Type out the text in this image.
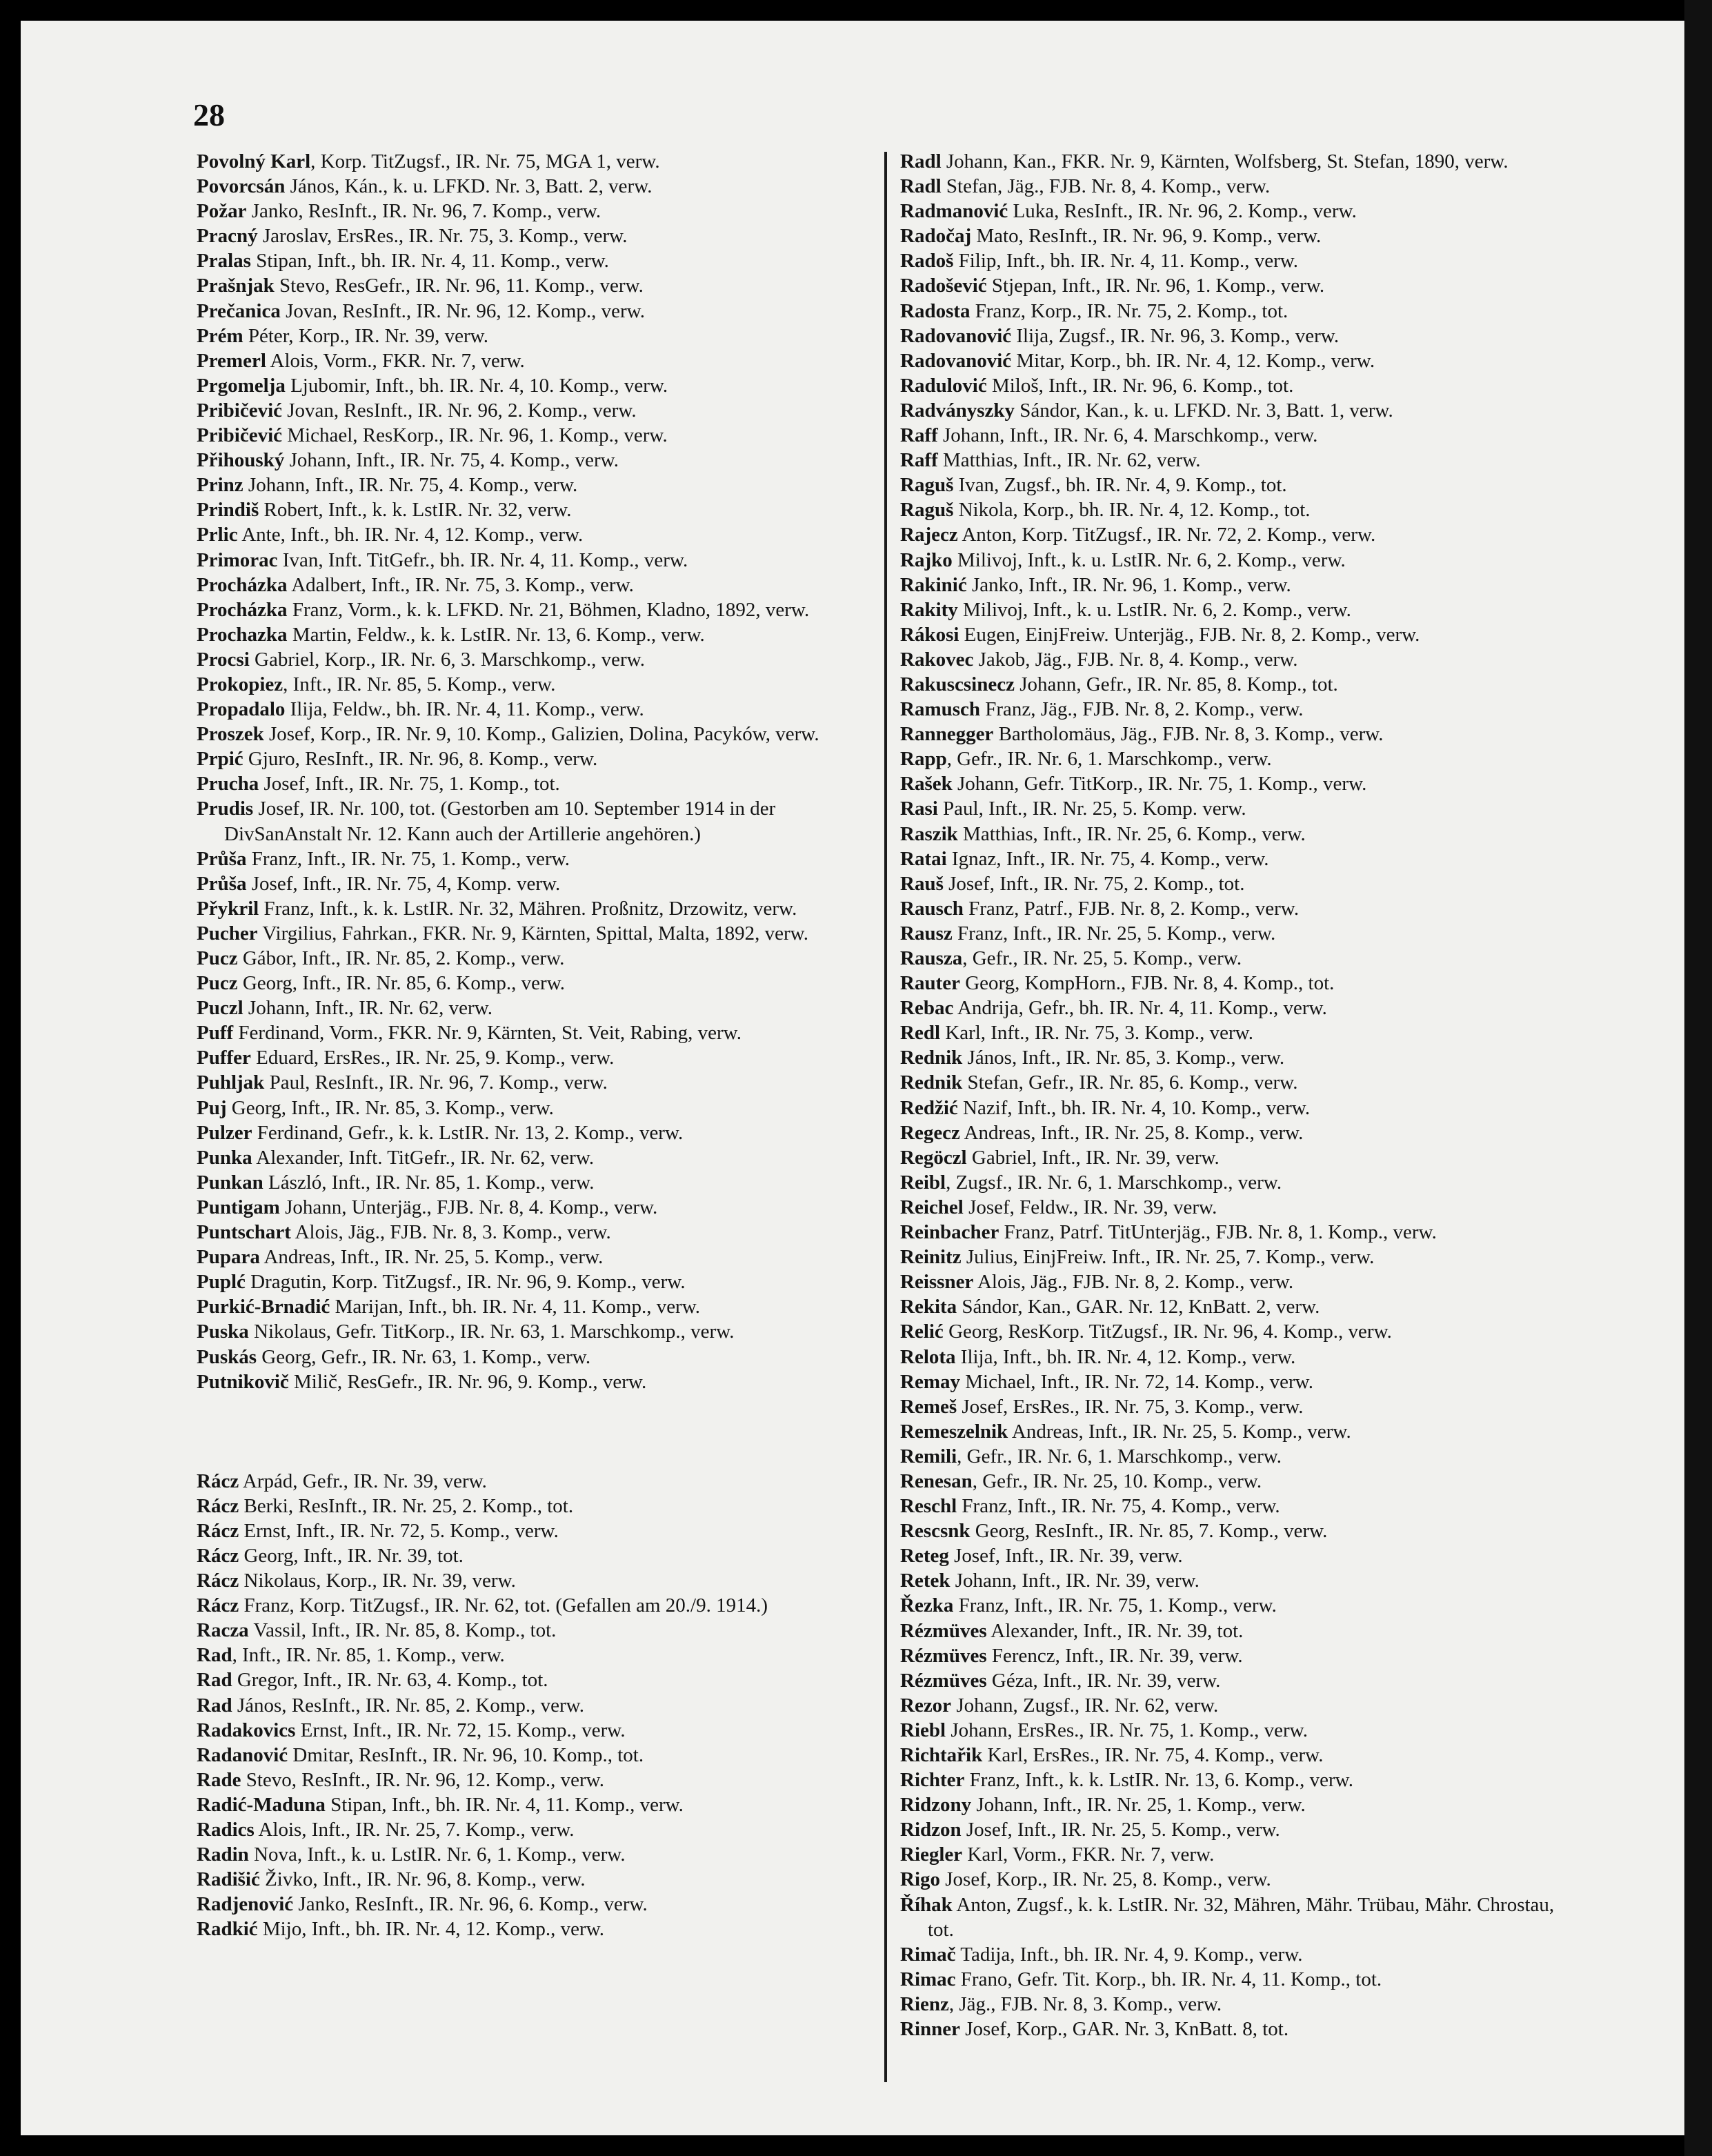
28
Povolný Karl, Korp. TitZugsf., IR. Nr. 75, MGA 1, verw.
Povorcsán János, Kán., k. u. LFKD. Nr. 3, Batt. 2, verw.
Požar Janko, ResInft., IR. Nr. 96, 7. Komp., verw.
Pracný Jaroslav, ErsRes., IR. Nr. 75, 3. Komp., verw.
Pralas Stipan, Inft., bh. IR. Nr. 4, 11. Komp., verw.
Prašnjak Stevo, ResGefr., IR. Nr. 96, 11. Komp., verw.
Prečanica Jovan, ResInft., IR. Nr. 96, 12. Komp., verw.
Prém Péter, Korp., IR. Nr. 39, verw.
Premerl Alois, Vorm., FKR. Nr. 7, verw.
Prgomelja Ljubomir, Inft., bh. IR. Nr. 4, 10. Komp., verw.
Pribičević Jovan, ResInft., IR. Nr. 96, 2. Komp., verw.
Pribičević Michael, ResKorp., IR. Nr. 96, 1. Komp., verw.
Přihouský Johann, Inft., IR. Nr. 75, 4. Komp., verw.
Prinz Johann, Inft., IR. Nr. 75, 4. Komp., verw.
Prindiš Robert, Inft., k. k. LstIR. Nr. 32, verw.
Prlic Ante, Inft., bh. IR. Nr. 4, 12. Komp., verw.
Primorac Ivan, Inft. TitGefr., bh. IR. Nr. 4, 11. Komp., verw.
Procházka Adalbert, Inft., IR. Nr. 75, 3. Komp., verw.
Procházka Franz, Vorm., k. k. LFKD. Nr. 21, Böhmen, Kladno, 1892, verw.
Prochazka Martin, Feldw., k. k. LstIR. Nr. 13, 6. Komp., verw.
Procsi Gabriel, Korp., IR. Nr. 6, 3. Marschkomp., verw.
Prokopiez, Inft., IR. Nr. 85, 5. Komp., verw.
Propadalo Ilija, Feldw., bh. IR. Nr. 4, 11. Komp., verw.
Proszek Josef, Korp., IR. Nr. 9, 10. Komp., Galizien, Dolina, Pacyków, verw.
Prpić Gjuro, ResInft., IR. Nr. 96, 8. Komp., verw.
Prucha Josef, Inft., IR. Nr. 75, 1. Komp., tot.
Prudis Josef, IR. Nr. 100, tot. (Gestorben am 10. September 1914 in der DivSanAnstalt Nr. 12. Kann auch der Artillerie angehören.)
Průša Franz, Inft., IR. Nr. 75, 1. Komp., verw.
Průša Josef, Inft., IR. Nr. 75, 4, Komp. verw.
Přykril Franz, Inft., k. k. LstIR. Nr. 32, Mähren. Proßnitz, Drzowitz, verw.
Pucher Virgilius, Fahrkan., FKR. Nr. 9, Kärnten, Spittal, Malta, 1892, verw.
Pucz Gábor, Inft., IR. Nr. 85, 2. Komp., verw.
Pucz Georg, Inft., IR. Nr. 85, 6. Komp., verw.
Puczl Johann, Inft., IR. Nr. 62, verw.
Puff Ferdinand, Vorm., FKR. Nr. 9, Kärnten, St. Veit, Rabing, verw.
Puffer Eduard, ErsRes., IR. Nr. 25, 9. Komp., verw.
Puhljak Paul, ResInft., IR. Nr. 96, 7. Komp., verw.
Puj Georg, Inft., IR. Nr. 85, 3. Komp., verw.
Pulzer Ferdinand, Gefr., k. k. LstIR. Nr. 13, 2. Komp., verw.
Punka Alexander, Inft. TitGefr., IR. Nr. 62, verw.
Punkan László, Inft., IR. Nr. 85, 1. Komp., verw.
Puntigam Johann, Unterjäg., FJB. Nr. 8, 4. Komp., verw.
Puntschart Alois, Jäg., FJB. Nr. 8, 3. Komp., verw.
Pupara Andreas, Inft., IR. Nr. 25, 5. Komp., verw.
Puplć Dragutin, Korp. TitZugsf., IR. Nr. 96, 9. Komp., verw.
Purkić-Brnadić Marijan, Inft., bh. IR. Nr. 4, 11. Komp., verw.
Puska Nikolaus, Gefr. TitKorp., IR. Nr. 63, 1. Marschkomp., verw.
Puskás Georg, Gefr., IR. Nr. 63, 1. Komp., verw.
Putnikovič Milič, ResGefr., IR. Nr. 96, 9. Komp., verw.
Rácz Arpád, Gefr., IR. Nr. 39, verw.
Rácz Berki, ResInft., IR. Nr. 25, 2. Komp., tot.
Rácz Ernst, Inft., IR. Nr. 72, 5. Komp., verw.
Rácz Georg, Inft., IR. Nr. 39, tot.
Rácz Nikolaus, Korp., IR. Nr. 39, verw.
Rácz Franz, Korp. TitZugsf., IR. Nr. 62, tot. (Gefallen am 20./9. 1914.)
Racza Vassil, Inft., IR. Nr. 85, 8. Komp., tot.
Rad, Inft., IR. Nr. 85, 1. Komp., verw.
Rad Gregor, Inft., IR. Nr. 63, 4. Komp., tot.
Rad János, ResInft., IR. Nr. 85, 2. Komp., verw.
Radakovics Ernst, Inft., IR. Nr. 72, 15. Komp., verw.
Radanović Dmitar, ResInft., IR. Nr. 96, 10. Komp., tot.
Rade Stevo, ResInft., IR. Nr. 96, 12. Komp., verw.
Radić-Maduna Stipan, Inft., bh. IR. Nr. 4, 11. Komp., verw.
Radics Alois, Inft., IR. Nr. 25, 7. Komp., verw.
Radin Nova, Inft., k. u. LstIR. Nr. 6, 1. Komp., verw.
Radišić Živko, Inft., IR. Nr. 96, 8. Komp., verw.
Radjenović Janko, ResInft., IR. Nr. 96, 6. Komp., verw.
Radkić Mijo, Inft., bh. IR. Nr. 4, 12. Komp., verw.
Radl Johann, Kan., FKR. Nr. 9, Kärnten, Wolfsberg, St. Stefan, 1890, verw.
Radl Stefan, Jäg., FJB. Nr. 8, 4. Komp., verw.
Radmanović Luka, ResInft., IR. Nr. 96, 2. Komp., verw.
Radočaj Mato, ResInft., IR. Nr. 96, 9. Komp., verw.
Radoš Filip, Inft., bh. IR. Nr. 4, 11. Komp., verw.
Radošević Stjepan, Inft., IR. Nr. 96, 1. Komp., verw.
Radosta Franz, Korp., IR. Nr. 75, 2. Komp., tot.
Radovanović Ilija, Zugsf., IR. Nr. 96, 3. Komp., verw.
Radovanović Mitar, Korp., bh. IR. Nr. 4, 12. Komp., verw.
Radulović Miloš, Inft., IR. Nr. 96, 6. Komp., tot.
Radványszky Sándor, Kan., k. u. LFKD. Nr. 3, Batt. 1, verw.
Raff Johann, Inft., IR. Nr. 6, 4. Marschkomp., verw.
Raff Matthias, Inft., IR. Nr. 62, verw.
Raguš Ivan, Zugsf., bh. IR. Nr. 4, 9. Komp., tot.
Raguš Nikola, Korp., bh. IR. Nr. 4, 12. Komp., tot.
Rajecz Anton, Korp. TitZugsf., IR. Nr. 72, 2. Komp., verw.
Rajko Milivoj, Inft., k. u. LstIR. Nr. 6, 2. Komp., verw.
Rakinić Janko, Inft., IR. Nr. 96, 1. Komp., verw.
Rakity Milivoj, Inft., k. u. LstIR. Nr. 6, 2. Komp., verw.
Rákosi Eugen, EinjFreiw. Unterjäg., FJB. Nr. 8, 2. Komp., verw.
Rakovec Jakob, Jäg., FJB. Nr. 8, 4. Komp., verw.
Rakuscsinecz Johann, Gefr., IR. Nr. 85, 8. Komp., tot.
Ramusch Franz, Jäg., FJB. Nr. 8, 2. Komp., verw.
Rannegger Bartholomäus, Jäg., FJB. Nr. 8, 3. Komp., verw.
Rapp, Gefr., IR. Nr. 6, 1. Marschkomp., verw.
Rašek Johann, Gefr. TitKorp., IR. Nr. 75, 1. Komp., verw.
Rasi Paul, Inft., IR. Nr. 25, 5. Komp. verw.
Raszik Matthias, Inft., IR. Nr. 25, 6. Komp., verw.
Ratai Ignaz, Inft., IR. Nr. 75, 4. Komp., verw.
Rauš Josef, Inft., IR. Nr. 75, 2. Komp., tot.
Rausch Franz, Patrf., FJB. Nr. 8, 2. Komp., verw.
Rausz Franz, Inft., IR. Nr. 25, 5. Komp., verw.
Rausza, Gefr., IR. Nr. 25, 5. Komp., verw.
Rauter Georg, KompHorn., FJB. Nr. 8, 4. Komp., tot.
Rebac Andrija, Gefr., bh. IR. Nr. 4, 11. Komp., verw.
Redl Karl, Inft., IR. Nr. 75, 3. Komp., verw.
Rednik János, Inft., IR. Nr. 85, 3. Komp., verw.
Rednik Stefan, Gefr., IR. Nr. 85, 6. Komp., verw.
Redžić Nazif, Inft., bh. IR. Nr. 4, 10. Komp., verw.
Regecz Andreas, Inft., IR. Nr. 25, 8. Komp., verw.
Regöczl Gabriel, Inft., IR. Nr. 39, verw.
Reibl, Zugsf., IR. Nr. 6, 1. Marschkomp., verw.
Reichel Josef, Feldw., IR. Nr. 39, verw.
Reinbacher Franz, Patrf. TitUnterjäg., FJB. Nr. 8, 1. Komp., verw.
Reinitz Julius, EinjFreiw. Inft., IR. Nr. 25, 7. Komp., verw.
Reissner Alois, Jäg., FJB. Nr. 8, 2. Komp., verw.
Rekita Sándor, Kan., GAR. Nr. 12, KnBatt. 2, verw.
Relić Georg, ResKorp. TitZugsf., IR. Nr. 96, 4. Komp., verw.
Relota Ilija, Inft., bh. IR. Nr. 4, 12. Komp., verw.
Remay Michael, Inft., IR. Nr. 72, 14. Komp., verw.
Remeš Josef, ErsRes., IR. Nr. 75, 3. Komp., verw.
Remeszelnik Andreas, Inft., IR. Nr. 25, 5. Komp., verw.
Remili, Gefr., IR. Nr. 6, 1. Marschkomp., verw.
Renesan, Gefr., IR. Nr. 25, 10. Komp., verw.
Reschl Franz, Inft., IR. Nr. 75, 4. Komp., verw.
Rescsnk Georg, ResInft., IR. Nr. 85, 7. Komp., verw.
Reteg Josef, Inft., IR. Nr. 39, verw.
Retek Johann, Inft., IR. Nr. 39, verw.
Řezka Franz, Inft., IR. Nr. 75, 1. Komp., verw.
Rézmüves Alexander, Inft., IR. Nr. 39, tot.
Rézmüves Ferencz, Inft., IR. Nr. 39, verw.
Rézmüves Géza, Inft., IR. Nr. 39, verw.
Rezor Johann, Zugsf., IR. Nr. 62, verw.
Riebl Johann, ErsRes., IR. Nr. 75, 1. Komp., verw.
Richtařik Karl, ErsRes., IR. Nr. 75, 4. Komp., verw.
Richter Franz, Inft., k. k. LstIR. Nr. 13, 6. Komp., verw.
Ridzony Johann, Inft., IR. Nr. 25, 1. Komp., verw.
Ridzon Josef, Inft., IR. Nr. 25, 5. Komp., verw.
Riegler Karl, Vorm., FKR. Nr. 7, verw.
Rigo Josef, Korp., IR. Nr. 25, 8. Komp., verw.
Říhak Anton, Zugsf., k. k. LstIR. Nr. 32, Mähren, Mähr. Trübau, Mähr. Chrostau, tot.
Rimač Tadija, Inft., bh. IR. Nr. 4, 9. Komp., verw.
Rimac Frano, Gefr. Tit. Korp., bh. IR. Nr. 4, 11. Komp., tot.
Rienz, Jäg., FJB. Nr. 8, 3. Komp., verw.
Rinner Josef, Korp., GAR. Nr. 3, KnBatt. 8, tot.
